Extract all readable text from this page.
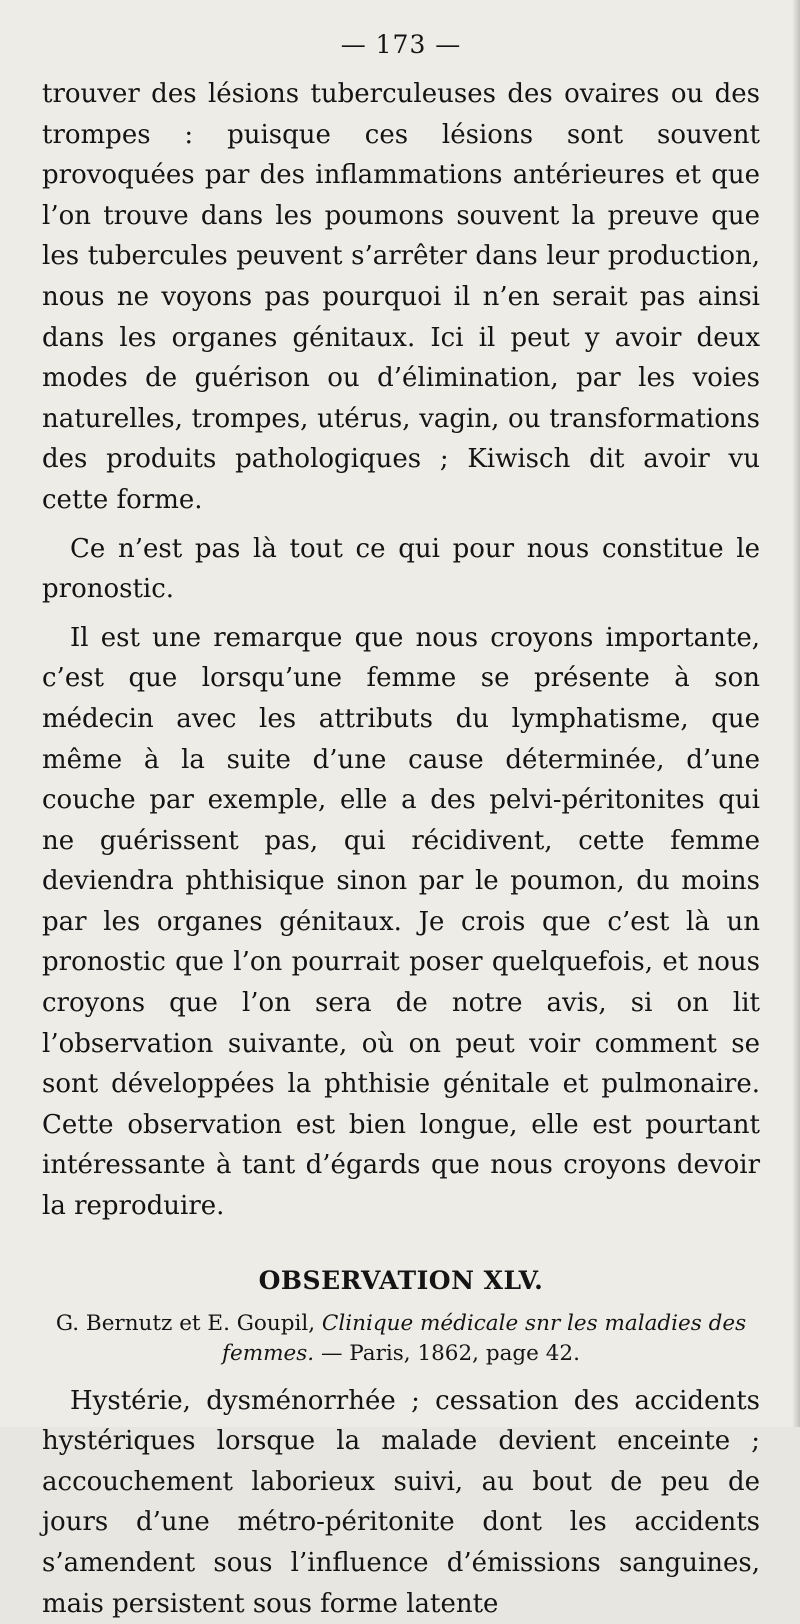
— 173 —

trouver des lésions tuberculeuses des ovaires ou des trompes : puisque ces lésions sont souvent provoquées par des inflammations antérieures et que l’on trouve dans les poumons souvent la preuve que les tubercules peuvent s’arrêter dans leur production, nous ne voyons pas pourquoi il n’en serait pas ainsi dans les organes génitaux. Ici il peut y avoir deux modes de guérison ou d’élimination, par les voies naturelles, trompes, utérus, vagin, ou transformations des produits pathologiques ; Kiwisch dit avoir vu cette forme.

Ce n’est pas là tout ce qui pour nous constitue le pronostic.

Il est une remarque que nous croyons importante, c’est que lorsqu’une femme se présente à son médecin avec les attributs du lymphatisme, que même à la suite d’une cause déterminée, d’une couche par exemple, elle a des pelvi-péritonites qui ne guérissent pas, qui récidivent, cette femme deviendra phthisique sinon par le poumon, du moins par les organes génitaux. Je crois que c’est là un pronostic que l’on pourrait poser quelquefois, et nous croyons que l’on sera de notre avis, si on lit l’observation suivante, où on peut voir comment se sont développées la phthisie génitale et pulmonaire. Cette observation est bien longue, elle est pourtant intéressante à tant d’égards que nous croyons devoir la reproduire.

OBSERVATION XLV.
G. Bernutz et E. Goupil, Clinique médicale snr les maladies des femmes. — Paris, 1862, page 42.

Hystérie, dysménorrhée ; cessation des accidents hystériques lorsque la malade devient enceinte ; accouchement laborieux suivi, au bout de peu de jours d’une métro-péritonite dont les accidents s’amendent sous l’influence d’émissions sanguines, mais persistent sous forme latente
